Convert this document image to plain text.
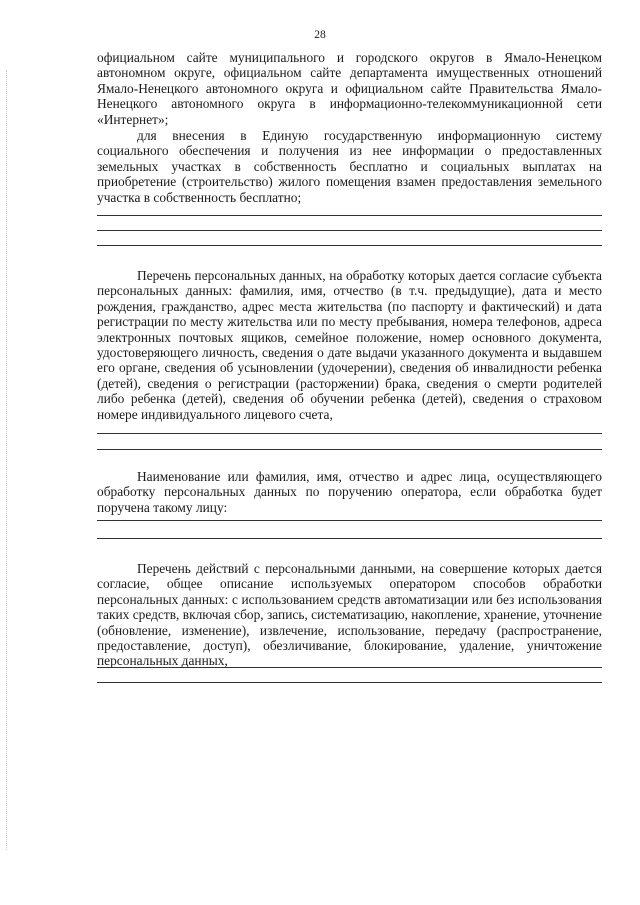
28
официальном сайте муниципального и городского округов в Ямало-Ненецком автономном округе, официальном сайте департамента имущественных отношений Ямало-Ненецкого автономного округа и официальном сайте Правительства Ямало-Ненецкого автономного округа в информационно-телекоммуникационной сети «Интернет»;
для внесения в Единую государственную информационную систему социального обеспечения и получения из нее информации о предоставленных земельных участках в собственность бесплатно и социальных выплатах на приобретение (строительство) жилого помещения взамен предоставления земельного участка в собственность бесплатно;
Перечень персональных данных, на обработку которых дается согласие субъекта персональных данных: фамилия, имя, отчество (в т.ч. предыдущие), дата и место рождения, гражданство, адрес места жительства (по паспорту и фактический) и дата регистрации по месту жительства или по месту пребывания, номера телефонов, адреса электронных почтовых ящиков, семейное положение, номер основного документа, удостоверяющего личность, сведения о дате выдачи указанного документа и выдавшем его органе, сведения об усыновлении (удочерении), сведения об инвалидности ребенка (детей), сведения о регистрации (расторжении) брака, сведения о смерти родителей либо ребенка (детей), сведения об обучении ребенка (детей), сведения о страховом номере индивидуального лицевого счета,
Наименование или фамилия, имя, отчество и адрес лица, осуществляющего обработку персональных данных по поручению оператора, если обработка будет поручена такому лицу:
Перечень действий с персональными данными, на совершение которых дается согласие, общее описание используемых оператором способов обработки персональных данных: с использованием средств автоматизации или без использования таких средств, включая сбор, запись, систематизацию, накопление, хранение, уточнение (обновление, изменение), извлечение, использование, передачу (распространение, предоставление, доступ), обезличивание, блокирование, удаление, уничтожение персональных данных,
